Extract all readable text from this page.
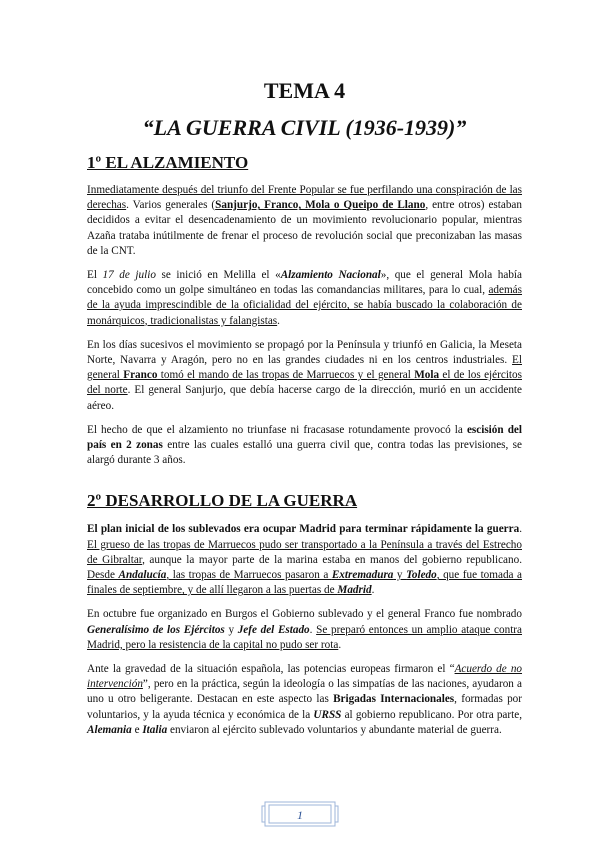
TEMA 4
“LA GUERRA CIVIL (1936-1939)”
1º EL ALZAMIENTO

Inmediatamente después del triunfo del Frente Popular se fue perfilando una conspiración de las derechas. Varios generales (Sanjurjo, Franco, Mola o Queipo de Llano, entre otros) estaban decididos a evitar el desencadenamiento de un movimiento revolucionario popular, mientras Azaña trataba inútilmente de frenar el proceso de revolución social que preconizaban las masas de la CNT.

El 17 de julio se inició en Melilla el «Alzamiento Nacional», que el general Mola había concebido como un golpe simultáneo en todas las comandancias militares, para lo cual, además de la ayuda imprescindible de la oficialidad del ejército, se había buscado la colaboración de monárquicos, tradicionalistas y falangistas.

En los días sucesivos el movimiento se propagó por la Península y triunfó en Galicia, la Meseta Norte, Navarra y Aragón, pero no en las grandes ciudades ni en los centros industriales. El general Franco tomó el mando de las tropas de Marruecos y el general Mola el de los ejércitos del norte. El general Sanjurjo, que debía hacerse cargo de la dirección, murió en un accidente aéreo.

El hecho de que el alzamiento no triunfase ni fracasase rotundamente provocó la escisión del país en 2 zonas entre las cuales estalló una guerra civil que, contra todas las previsiones, se alargó durante 3 años.

2º DESARROLLO DE LA GUERRA

El plan inicial de los sublevados era ocupar Madrid para terminar rápidamente la guerra. El grueso de las tropas de Marruecos pudo ser transportado a la Península a través del Estrecho de Gibraltar, aunque la mayor parte de la marina estaba en manos del gobierno republicano. Desde Andalucía, las tropas de Marruecos pasaron a Extremadura y Toledo, que fue tomada a finales de septiembre, y de allí llegaron a las puertas de Madrid.

En octubre fue organizado en Burgos el Gobierno sublevado y el general Franco fue nombrado Generalísimo de los Ejércitos y Jefe del Estado. Se preparó entonces un amplio ataque contra Madrid, pero la resistencia de la capital no pudo ser rota.

Ante la gravedad de la situación española, las potencias europeas firmaron el “Acuerdo de no intervención”, pero en la práctica, según la ideología o las simpatías de las naciones, ayudaron a uno u otro beligerante. Destacan en este aspecto las Brigadas Internacionales, formadas por voluntarios, y la ayuda técnica y económica de la URSS al gobierno republicano. Por otra parte, Alemania e Italia enviaron al ejército sublevado voluntarios y abundante material de guerra.

1
